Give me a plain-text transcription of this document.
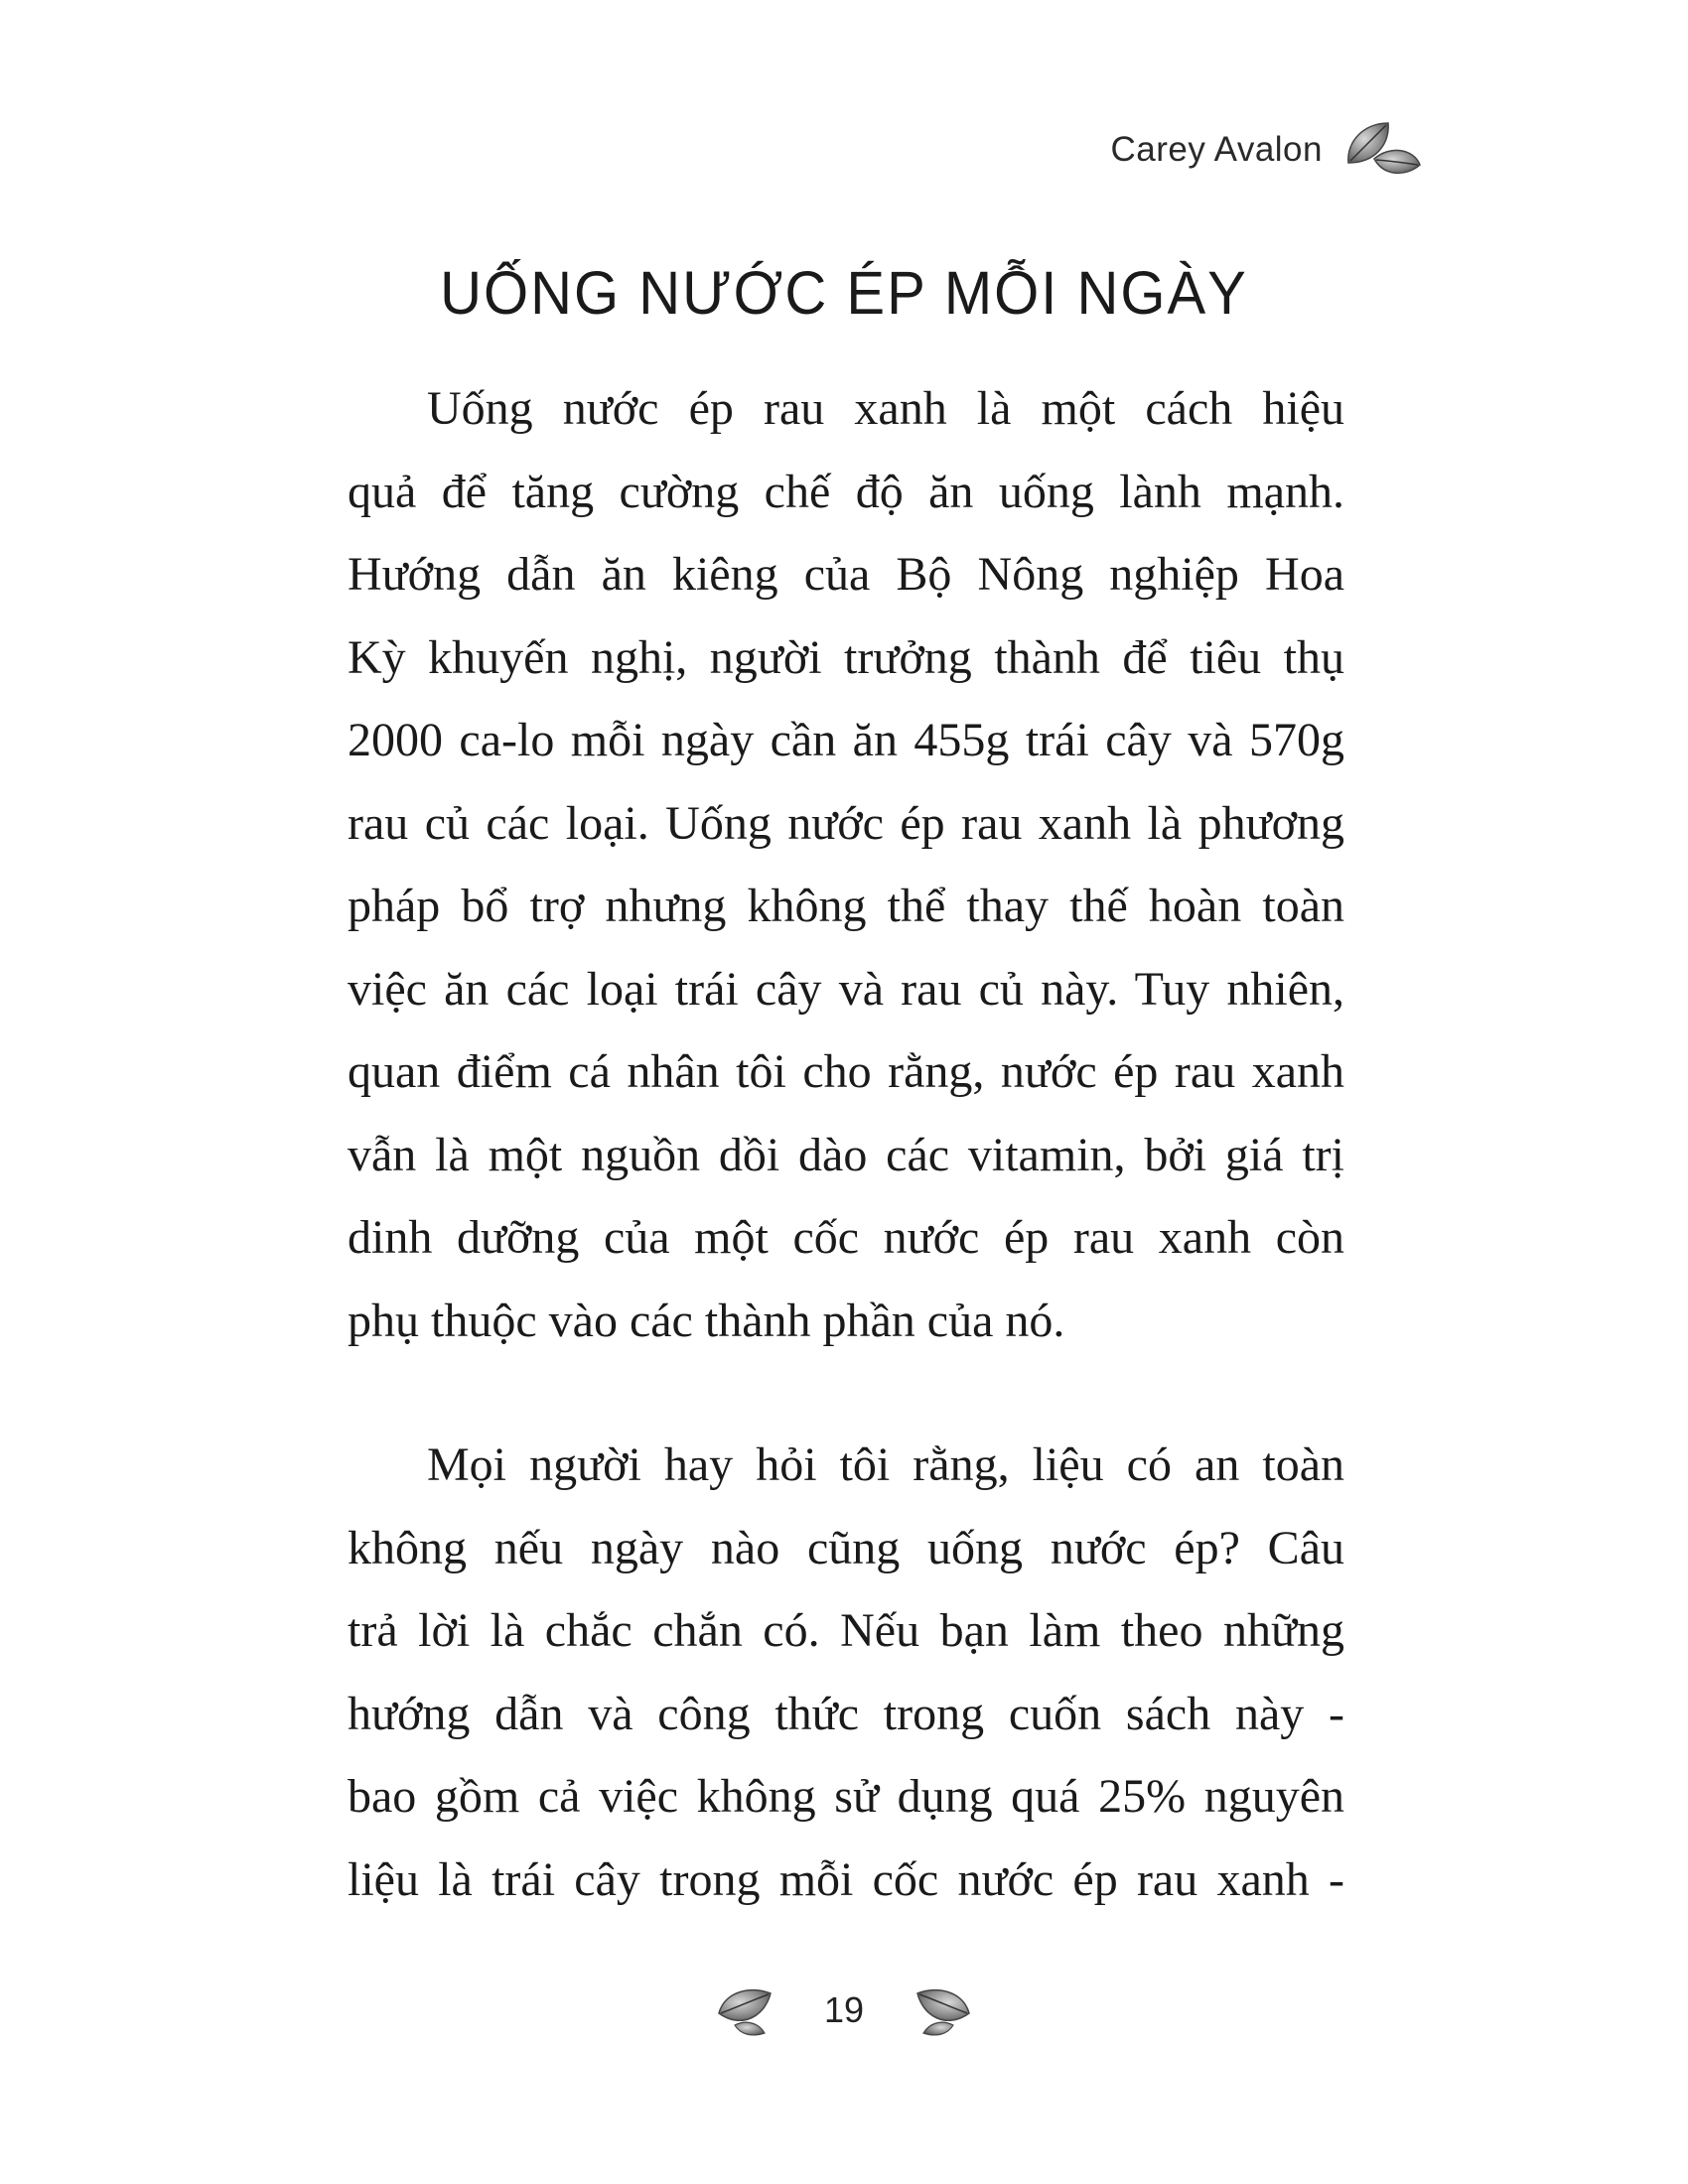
Carey Avalon
UỐNG NƯỚC ÉP MỖI NGÀY

Uống nước ép rau xanh là một cách hiệu
quả để tăng cường chế độ ăn uống lành mạnh.
Hướng dẫn ăn kiêng của Bộ Nông nghiệp Hoa
Kỳ khuyến nghị, người trưởng thành để tiêu thụ
2000 ca-lo mỗi ngày cần ăn 455g trái cây và 570g
rau củ các loại. Uống nước ép rau xanh là phương
pháp bổ trợ nhưng không thể thay thế hoàn toàn
việc ăn các loại trái cây và rau củ này. Tuy nhiên,
quan điểm cá nhân tôi cho rằng, nước ép rau xanh
vẫn là một nguồn dồi dào các vitamin, bởi giá trị
dinh dưỡng của một cốc nước ép rau xanh còn
phụ thuộc vào các thành phần của nó.

Mọi người hay hỏi tôi rằng, liệu có an toàn
không nếu ngày nào cũng uống nước ép? Câu
trả lời là chắc chắn có. Nếu bạn làm theo những
hướng dẫn và công thức trong cuốn sách này -
bao gồm cả việc không sử dụng quá 25% nguyên
liệu là trái cây trong mỗi cốc nước ép rau xanh -

19
